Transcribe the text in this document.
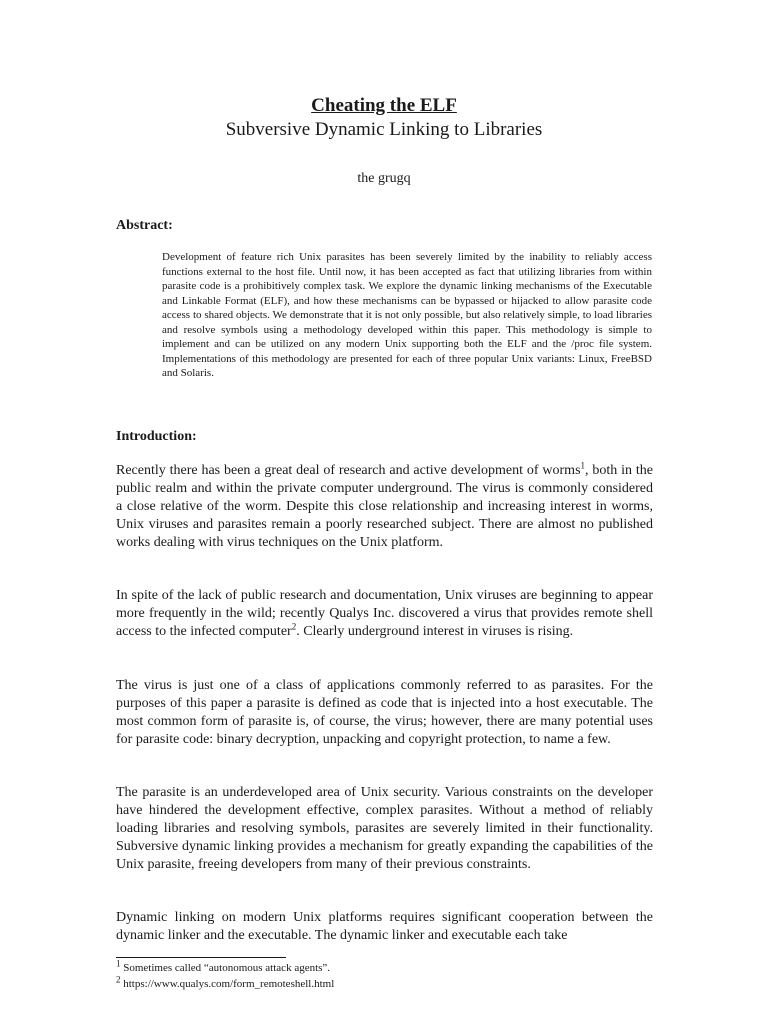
Cheating the ELF
Subversive Dynamic Linking to Libraries

the grugq

Abstract:

Development of feature rich Unix parasites has been severely limited by the inability to reliably access functions external to the host file. Until now, it has been accepted as fact that utilizing libraries from within parasite code is a prohibitively complex task. We explore the dynamic linking mechanisms of the Executable and Linkable Format (ELF), and how these mechanisms can be bypassed or hijacked to allow parasite code access to shared objects. We demonstrate that it is not only possible, but also relatively simple, to load libraries and resolve symbols using a methodology developed within this paper. This methodology is simple to implement and can be utilized on any modern Unix supporting both the ELF and the /proc file system. Implementations of this methodology are presented for each of three popular Unix variants: Linux, FreeBSD and Solaris.

Introduction:

Recently there has been a great deal of research and active development of worms$^1$, both in the public realm and within the private computer underground. The virus is commonly considered a close relative of the worm. Despite this close relationship and increasing interest in worms, Unix viruses and parasites remain a poorly researched subject. There are almost no published works dealing with virus techniques on the Unix platform.

In spite of the lack of public research and documentation, Unix viruses are beginning to appear more frequently in the wild; recently Qualys Inc. discovered a virus that provides remote shell access to the infected computer$^2$. Clearly underground interest in viruses is rising.

The virus is just one of a class of applications commonly referred to as parasites. For the purposes of this paper a parasite is defined as code that is injected into a host executable. The most common form of parasite is, of course, the virus; however, there are many potential uses for parasite code: binary decryption, unpacking and copyright protection, to name a few.

The parasite is an underdeveloped area of Unix security. Various constraints on the developer have hindered the development effective, complex parasites. Without a method of reliably loading libraries and resolving symbols, parasites are severely limited in their functionality. Subversive dynamic linking provides a mechanism for greatly expanding the capabilities of the Unix parasite, freeing developers from many of their previous constraints.

Dynamic linking on modern Unix platforms requires significant cooperation between the dynamic linker and the executable. The dynamic linker and executable each take

$^1$ Sometimes called “autonomous attack agents”.

$^2$ https://www.qualys.com/form_remoteshell.html
